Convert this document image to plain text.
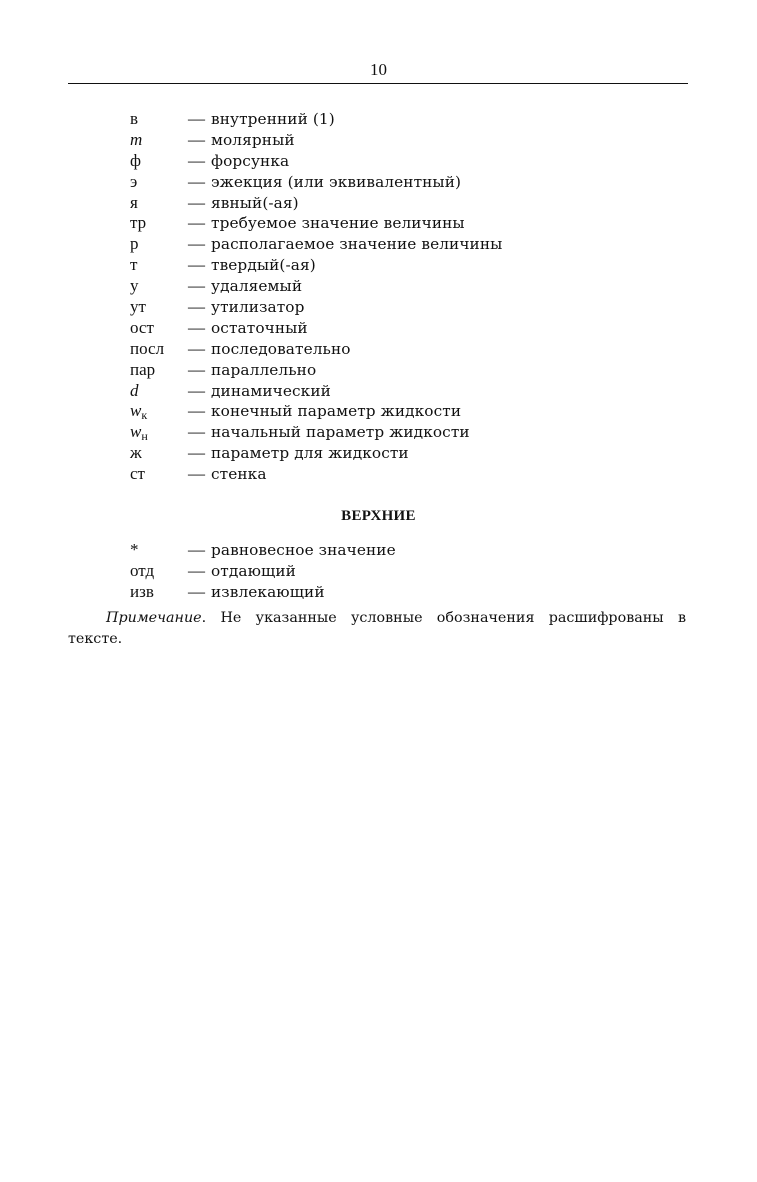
10
в	— внутренний (1)
m	— молярный
ф	— форсунка
э	— эжекция (или эквивалентный)
я	— явный(-ая)
тр	— требуемое значение величины
р	— располагаемое значение величины
т	— твердый(-ая)
у	— удаляемый
ут	— утилизатор
ост	— остаточный
посл	— последовательно
пар	— параллельно
d	— динамический
$w_к$	— конечный параметр жидкости
$w_н$	— начальный параметр жидкости
ж	— параметр для жидкости
ст	— стенка
ВЕРХНИЕ
*	— равновесное значение
отд	— отдающий
изв	— извлекающий

Примечание. Не указанные условные обозначения расшифрованы в тексте.
